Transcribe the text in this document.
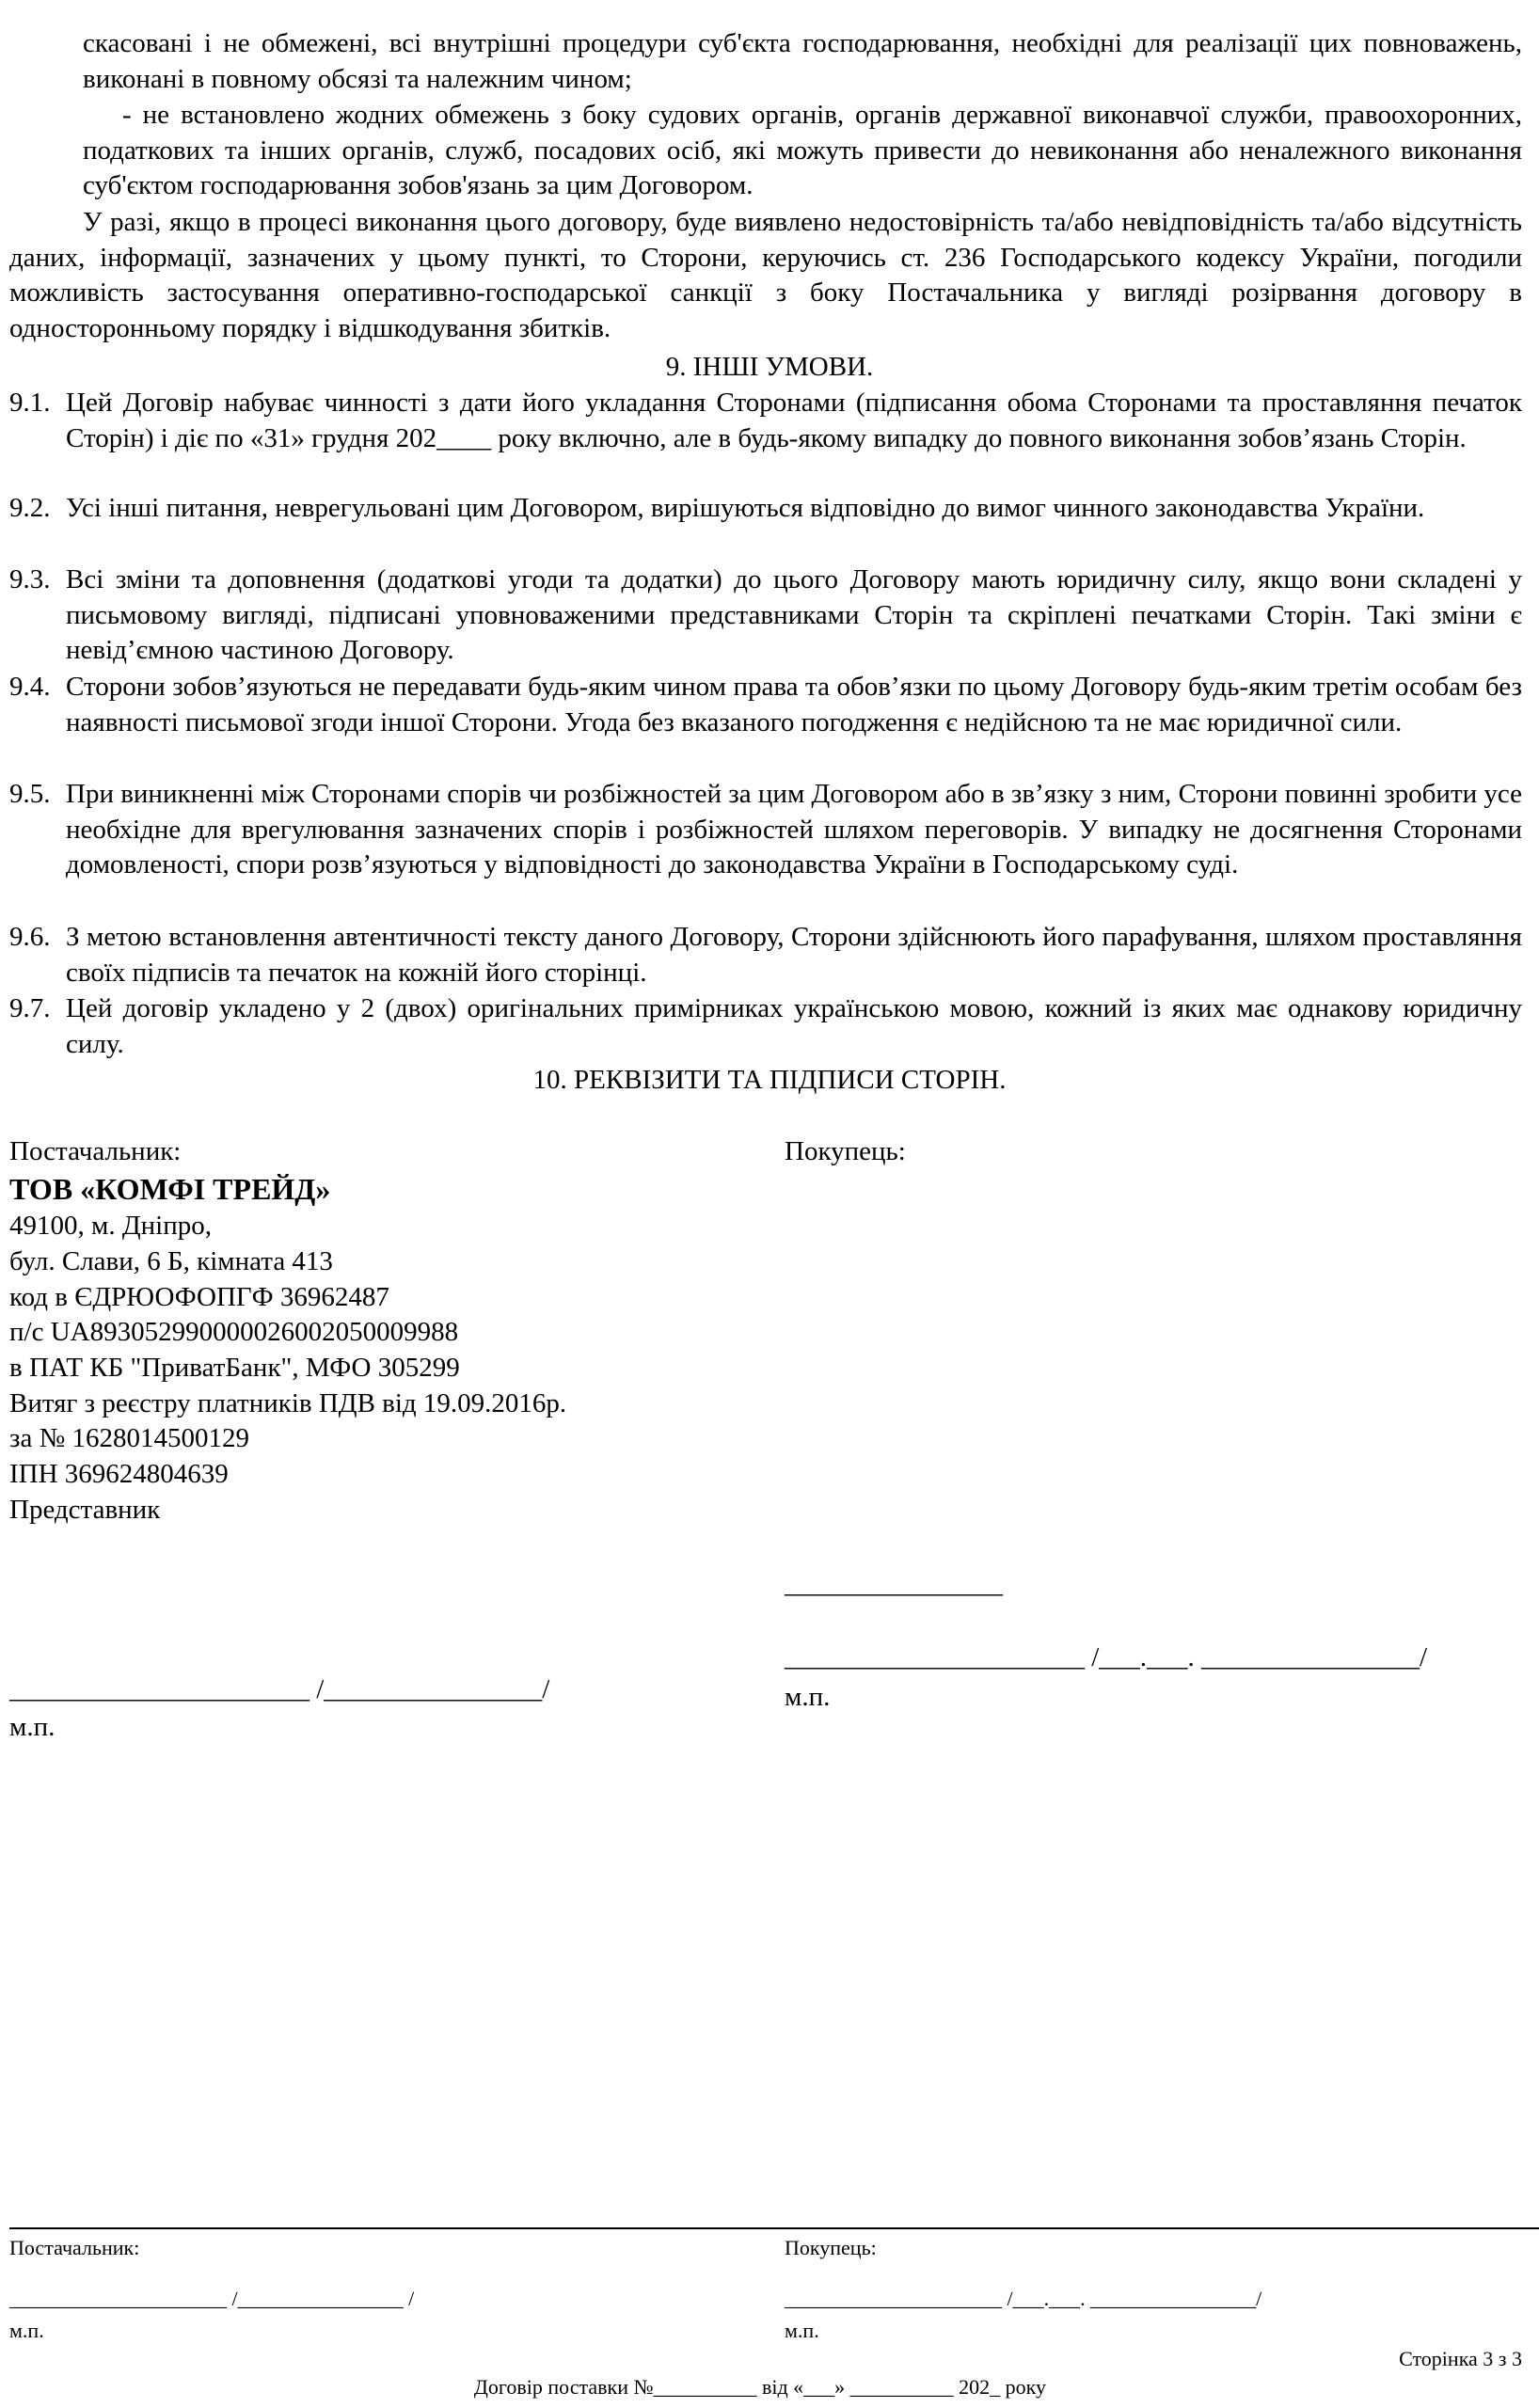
скасовані і не обмежені, всі внутрішні процедури суб'єкта господарювання, необхідні для реалізації цих повноважень, виконані в повному обсязі та належним чином;

- не встановлено жодних обмежень з боку судових органів, органів державної виконавчої служби, правоохоронних, податкових та інших органів, служб, посадових осіб, які можуть привести до невиконання або неналежного виконання суб'єктом господарювання зобов'язань за цим Договором.

У разі, якщо в процесі виконання цього договору, буде виявлено недостовірність та/або невідповідність та/або відсутність даних, інформації, зазначених у цьому пункті, то Сторони, керуючись ст. 236 Господарського кодексу України, погодили можливість застосування оперативно-господарської санкції з боку Постачальника у вигляді розірвання договору в односторонньому порядку і відшкодування збитків.

9. ІНШІ УМОВИ.
9.1. Цей Договір набуває чинності з дати його укладання Сторонами (підписання обома Сторонами та проставляння печаток Сторін) і діє по «31» грудня 202____ року включно, але в будь-якому випадку до повного виконання зобов’язань Сторін.
9.2. Усі інші питання, неврегульовані цим Договором, вирішуються відповідно до вимог чинного законодавства України.
9.3. Всі зміни та доповнення (додаткові угоди та додатки) до цього Договору мають юридичну силу, якщо вони складені у письмовому вигляді, підписані уповноваженими представниками Сторін та скріплені печатками Сторін. Такі зміни є невід’ємною частиною Договору.
9.4. Сторони зобов’язуються не передавати будь-яким чином права та обов’язки по цьому Договору будь-яким третім особам без наявності письмової згоди іншої Сторони. Угода без вказаного погодження є недійсною та не має юридичної сили.
9.5. При виникненні між Сторонами спорів чи розбіжностей за цим Договором або в зв’язку з ним, Сторони повинні зробити усе необхідне для врегулювання зазначених спорів і розбіжностей шляхом переговорів. У випадку не досягнення Сторонами домовленості, спори розв’язуються у відповідності до законодавства України в Господарському суді.
9.6. З метою встановлення автентичності тексту даного Договору, Сторони здійснюють його парафування, шляхом проставляння своїх підписів та печаток на кожній його сторінці.
9.7. Цей договір укладено у 2 (двох) оригінальних примірниках українською мовою, кожний із яких має однакову юридичну силу.
10. РЕКВІЗИТИ ТА ПІДПИСИ СТОРІН.
Постачальник:
ТОВ «КОМФІ ТРЕЙД»
49100, м. Дніпро,
бул. Слави, 6 Б, кімната 413
код в ЄДРЮОФОПГФ 36962487
п/с UA893052990000026002050009988
в ПАТ КБ "ПриватБанк", МФО 305299
Витяг з реєстру платників ПДВ від 19.09.2016р.
за № 1628014500129
ІПН 369624804639
Представник
______________________ /________________/
м.п.
Покупець:
________________
______________________ /___.___. ________________/
м.п.
Постачальник:
_____________________ /________________ /
м.п.
Покупець:
_____________________ /___.___. ________________/
м.п.
Сторінка 3 з 3
Договір поставки №__________ від «___» __________ 202_ року
